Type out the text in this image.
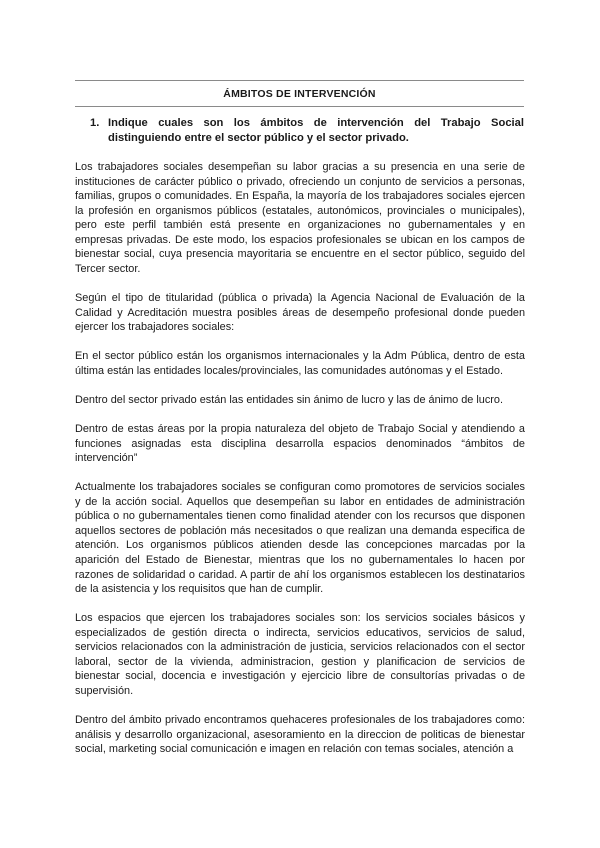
ÁMBITOS DE INTERVENCIÓN
1. Indique cuales son los ámbitos de intervención del Trabajo Social distinguiendo entre el sector público y el sector privado.

Los trabajadores sociales desempeñan su labor gracias a su presencia en una serie de instituciones de carácter público o privado, ofreciendo un conjunto de servicios a personas, familias, grupos o comunidades. En España, la mayoría de los trabajadores sociales ejercen la profesión en organismos públicos (estatales, autonómicos, provinciales o municipales), pero este perfil también está presente en organizaciones no gubernamentales y en empresas privadas. De este modo, los espacios profesionales se ubican en los campos de bienestar social, cuya presencia mayoritaria se encuentre en el sector público, seguido del Tercer sector.

Según el tipo de titularidad (pública o privada) la Agencia Nacional de Evaluación de la Calidad y Acreditación muestra posibles áreas de desempeño profesional donde pueden ejercer los trabajadores sociales:

En el sector público están los organismos internacionales y la Adm Pública, dentro de esta última están las entidades locales/provinciales, las comunidades autónomas y el Estado.

Dentro del sector privado están las entidades sin ánimo de lucro y las de ánimo de lucro.

Dentro de estas áreas por la propia naturaleza del objeto de Trabajo Social y atendiendo a funciones asignadas esta disciplina desarrolla espacios denominados “ámbitos de intervención”

Actualmente los trabajadores sociales se configuran como promotores de servicios sociales y de la acción social. Aquellos que desempeñan su labor en entidades de administración pública o no gubernamentales tienen como finalidad atender con los recursos que disponen aquellos sectores de población más necesitados o que realizan una demanda especifica de atención. Los organismos públicos atienden desde las concepciones marcadas por la aparición del Estado de Bienestar, mientras que los no gubernamentales lo hacen por razones de solidaridad o caridad. A partir de ahí los organismos establecen los destinatarios de la asistencia y los requisitos que han de cumplir.

Los espacios que ejercen los trabajadores sociales son: los servicios sociales básicos y especializados de gestión directa o indirecta, servicios educativos, servicios de salud, servicios relacionados con la administración de justicia, servicios relacionados con el sector laboral, sector de la vivienda, administracion, gestion y planificacion de servicios de bienestar social, docencia e investigación y ejercicio libre de consultorías privadas o de supervisión.

Dentro del ámbito privado encontramos quehaceres profesionales de los trabajadores como: análisis y desarrollo organizacional, asesoramiento en la direccion de politicas de bienestar social, marketing social comunicación e imagen en relación con temas sociales, atención a
